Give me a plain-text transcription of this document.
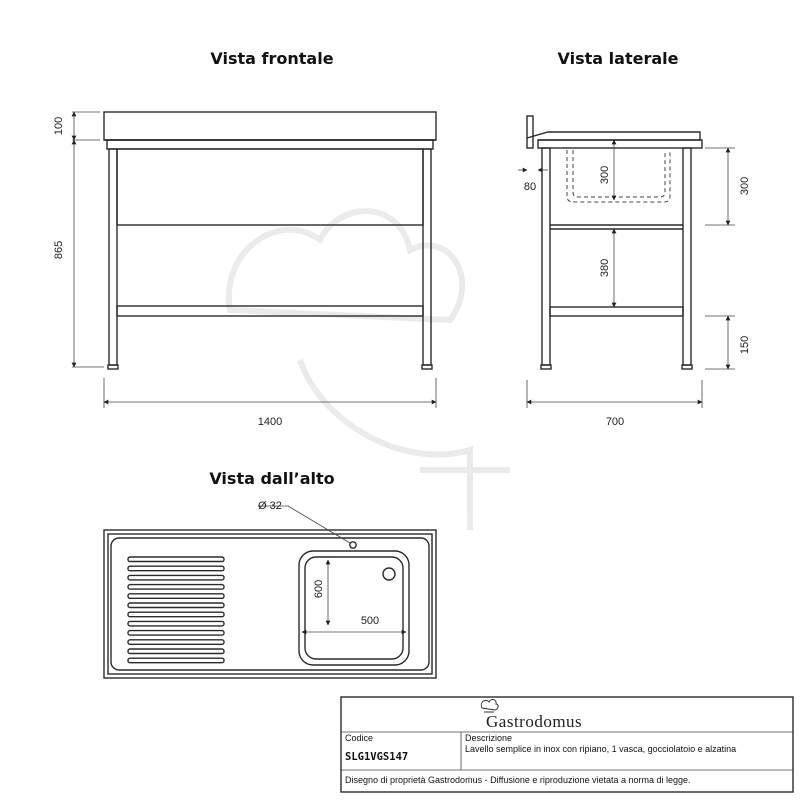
Vista frontale	Vista laterale
Vista dall’alto
100
865
1400
300
380
80	300
150
700
Ø 32
600
500
Gastrodomus
Codice
SLG1VGS147
Descrizione
Lavello semplice in inox con ripiano, 1 vasca, gocciolatoio e alzatina
Disegno di proprietà Gastrodomus - Diffusione e riproduzione vietata a norma di legge.
